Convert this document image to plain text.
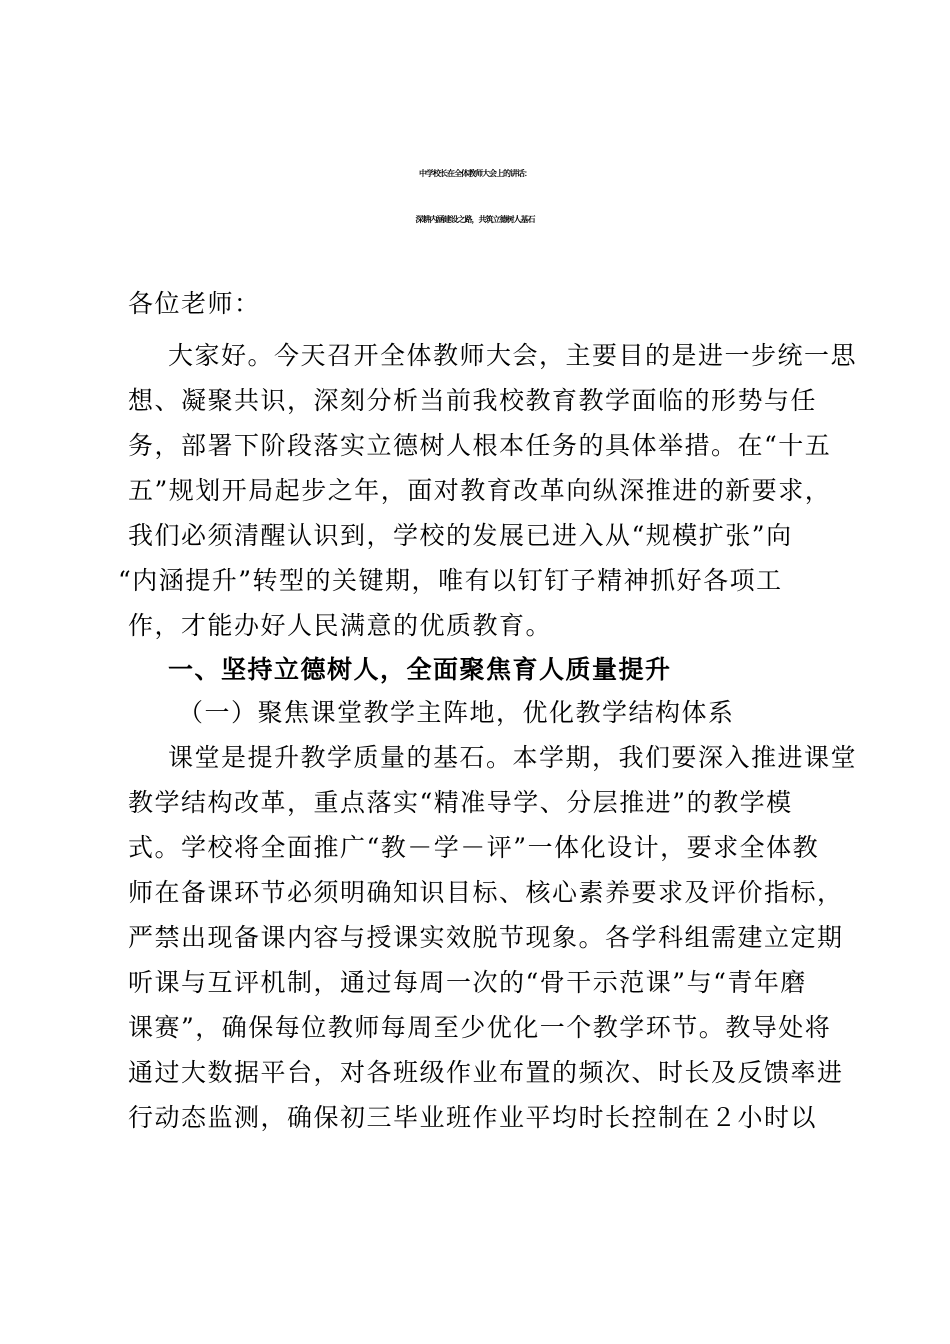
中学校长在全体教师大会上的讲话：
深耕内涵建设之路，共筑立德树人基石
各位老师：
大家好。今天召开全体教师大会，主要目的是进一步统一思
想、凝聚共识，深刻分析当前我校教育教学面临的形势与任
务，部署下阶段落实立德树人根本任务的具体举措。在“十五
五”规划开局起步之年，面对教育改革向纵深推进的新要求，
我们必须清醒认识到，学校的发展已进入从“规模扩张”向
“内涵提升”转型的关键期，唯有以钉钉子精神抓好各项工
作，才能办好人民满意的优质教育。
一、坚持立德树人，全面聚焦育人质量提升
（一）聚焦课堂教学主阵地，优化教学结构体系
课堂是提升教学质量的基石。本学期，我们要深入推进课堂
教学结构改革，重点落实“精准导学、分层推进”的教学模
式。学校将全面推广“教－学－评”一体化设计，要求全体教
师在备课环节必须明确知识目标、核心素养要求及评价指标，
严禁出现备课内容与授课实效脱节现象。各学科组需建立定期
听课与互评机制，通过每周一次的“骨干示范课”与“青年磨
课赛”，确保每位教师每周至少优化一个教学环节。教导处将
通过大数据平台，对各班级作业布置的频次、时长及反馈率进
行动态监测，确保初三毕业班作业平均时长控制在２小时以
